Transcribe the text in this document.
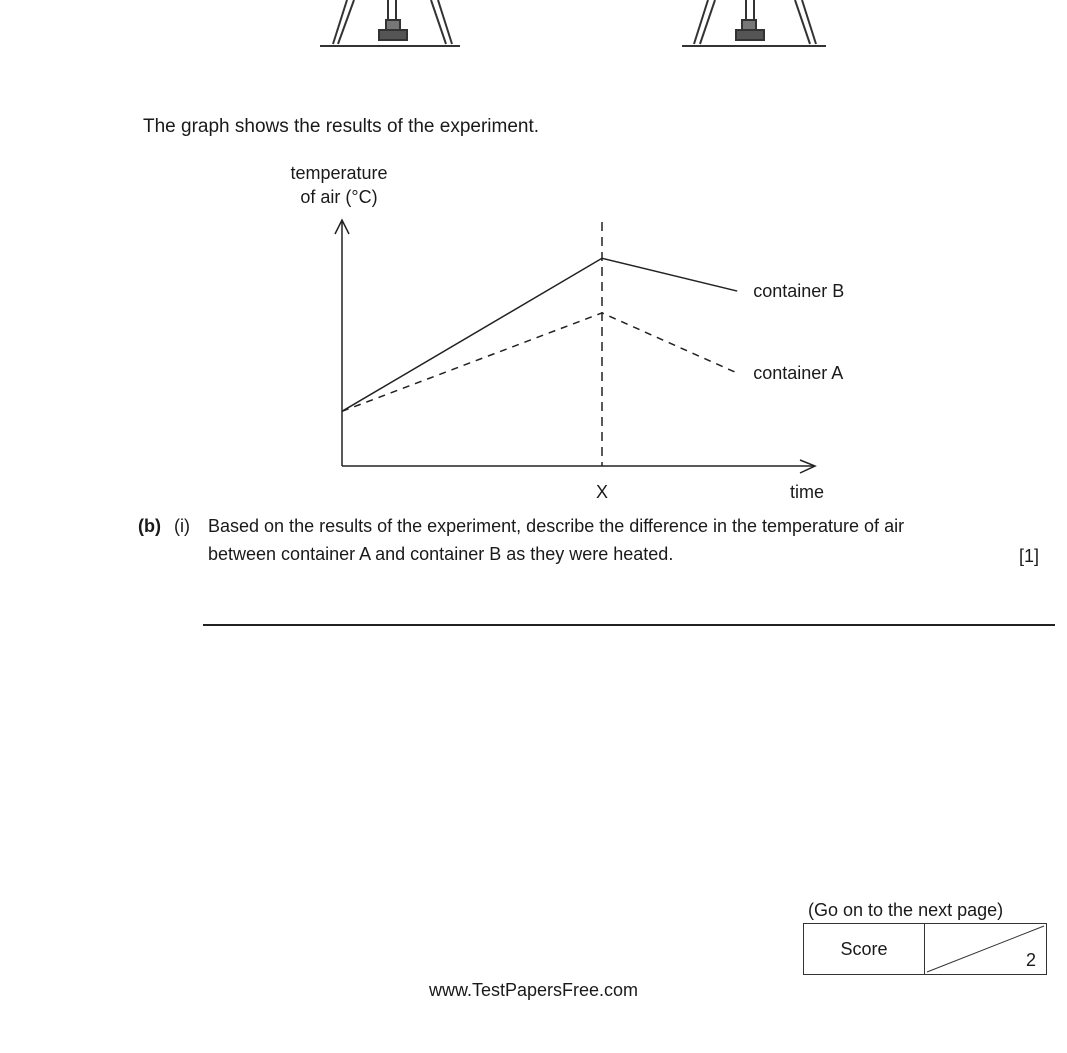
The graph shows the results of the experiment.
temperature
of air (°C)
container B
container A
X	time
(b) (i) Based on the results of the experiment, describe the difference in the temperature of air
between container A and container B as they were heated.	[1]
(Go on to the next page)
Score
2
www.TestPapersFree.com
